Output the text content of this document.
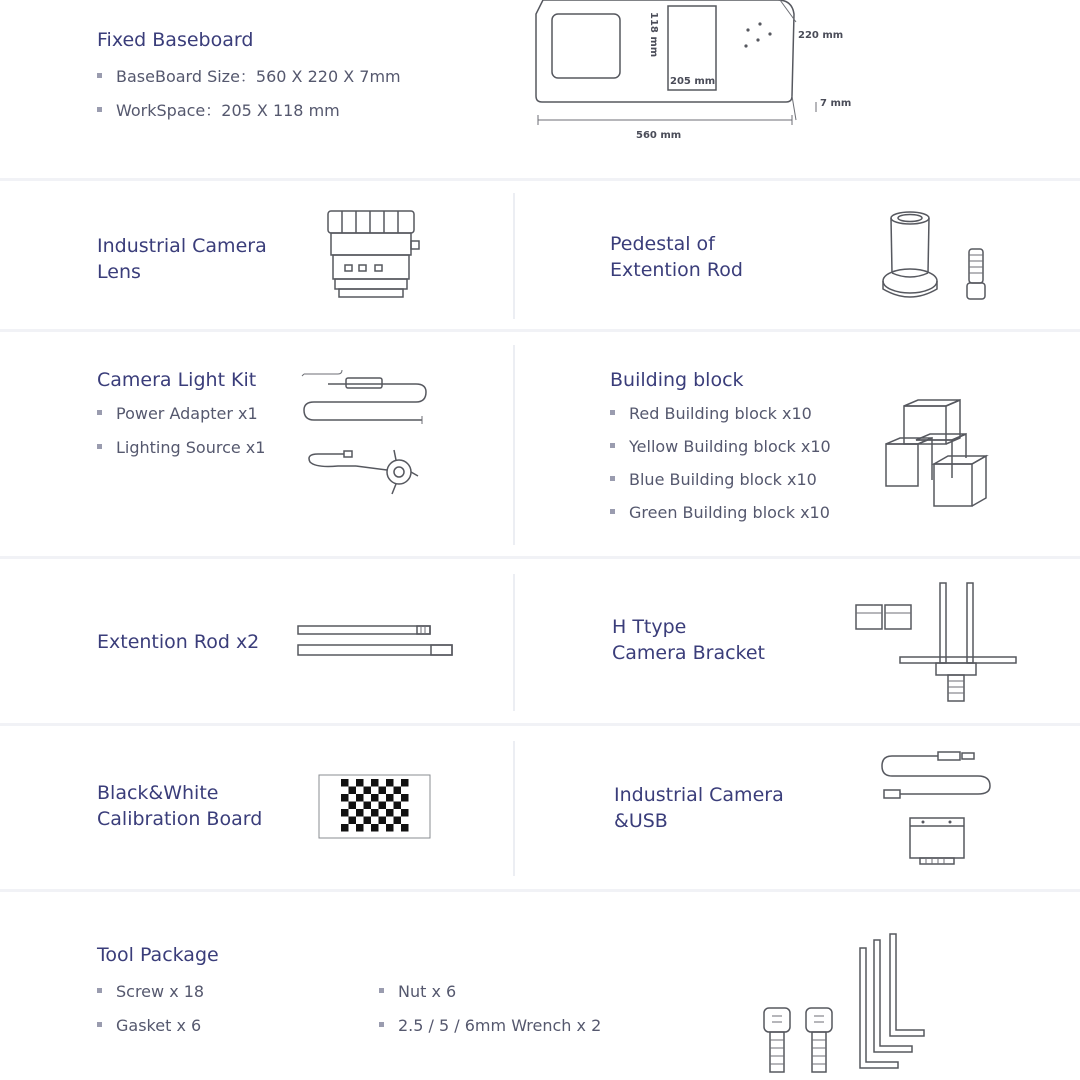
Fixed Baseboard
BaseBoard Size：560 X 220 X 7mm
WorkSpace：205 X 118 mm
205 mm
118 mm	220 mm
7 mm
560 mm
Industrial Camera
Lens
Pedestal of
Extention Rod
Camera Light Kit
Power Adapter x1
Lighting Source x1
Building block
Red Building block x10
Yellow Building block x10
Blue Building block x10
Green Building block x10
Extention Rod x2
H Ttype
Camera Bracket
Black&White
Calibration Board
Industrial Camera
&USB
Tool Package
Screw x 18
Gasket x 6
Nut x 6
2.5 / 5 / 6mm Wrench x 2
